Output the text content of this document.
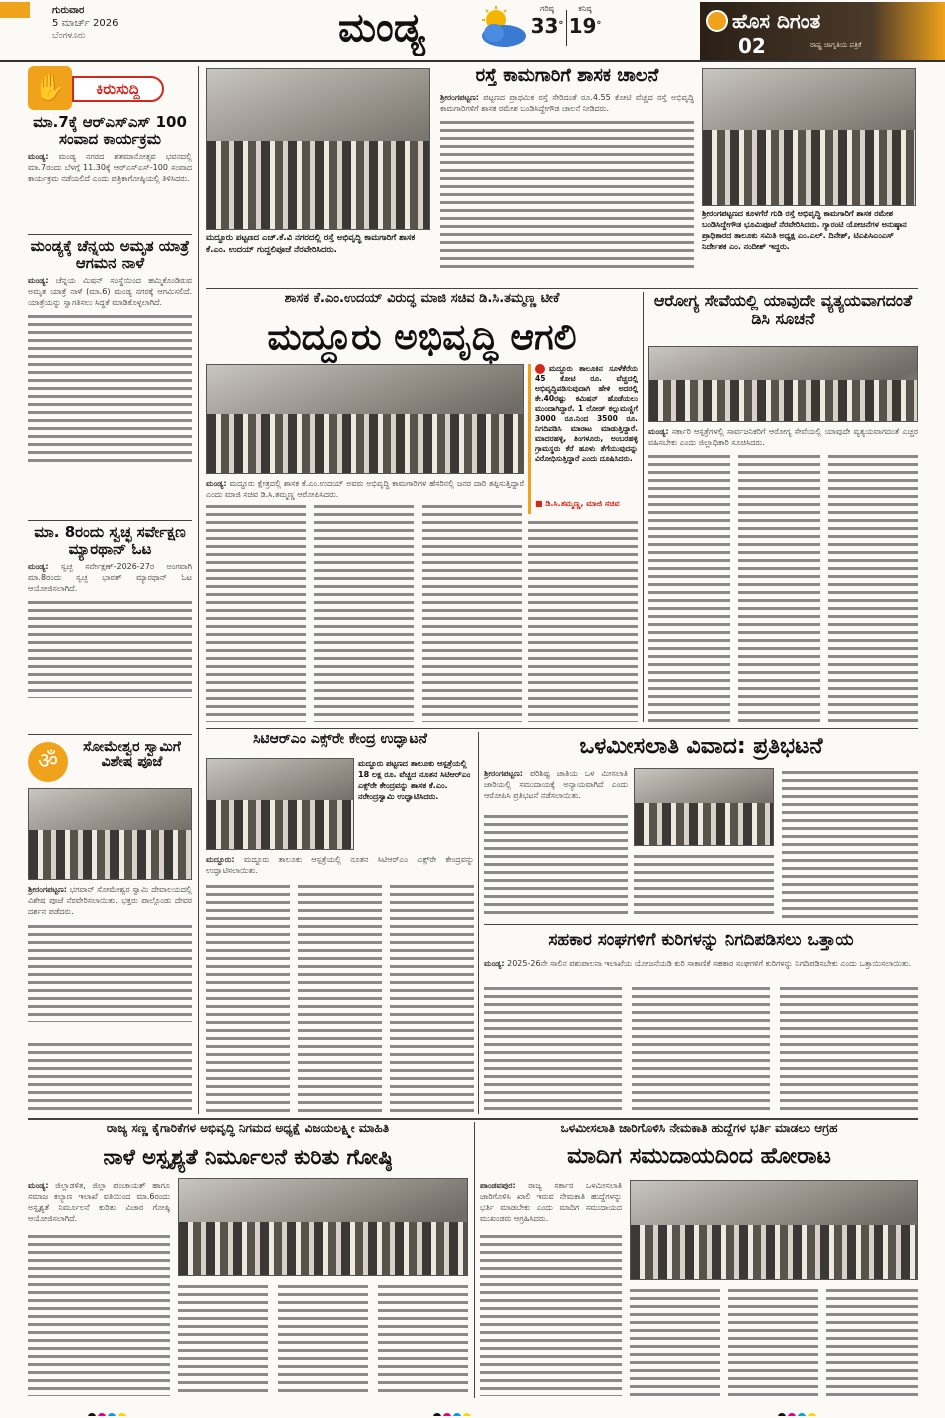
ಗುರುವಾರ
5 ಮಾರ್ಚ್ 2026
ಬೆಂಗಳೂರು	ಮಂಡ್ಯ	ಗರಿಷ್ಠ
33°
ಕನಿಷ್ಠ
19°	ಹೊಸ ದಿಗಂತ
02	ರಾಷ್ಟ್ರ ಜಾಗೃತಿಯ ಪತ್ರಿಕೆ
✋	ಕಿರುಸುದ್ದಿ
ಮಾ.7ಕ್ಕೆ ಆರ್‌ಎಸ್‌ಎಸ್ 100 ಸಂವಾದ ಕಾರ್ಯಕ್ರಮ
ಮಂಡ್ಯ: ಮಂಡ್ಯ ನಗರದ ಶತಮಾನೋತ್ಸವ ಭವನದಲ್ಲಿ ಮಾ.7ರಂದು ಬೆಳಗ್ಗೆ 11.30ಕ್ಕೆ ಆರ್‌ಎಸ್‌ಎಸ್-100 ಸಂವಾದ ಕಾರ್ಯಕ್ರಮ ನಡೆಯಲಿದೆ ಎಂದು ಪತ್ರಿಕಾಗೋಷ್ಠಿಯಲ್ಲಿ ತಿಳಿಸಿದರು.
ಮಂಡ್ಯಕ್ಕೆ ಚೆನ್ನಯ ಅಮೃತ ಯಾತ್ರೆ ಆಗಮನ ನಾಳೆ
ಮಂಡ್ಯ: ಚೆನ್ನಯ ಮಿಷನ್ ಸಂಸ್ಥೆಯಿಂದ ಹಮ್ಮಿಕೊಂಡಿರುವ ಅಮೃತ ಯಾತ್ರೆ ನಾಳೆ (ಮಾ.6) ಮಂಡ್ಯ ನಗರಕ್ಕೆ ಆಗಮಿಸಲಿದೆ. ಯಾತ್ರೆಯನ್ನು ಸ್ವಾಗತಿಸಲು ಸಿದ್ಧತೆ ಮಾಡಿಕೊಳ್ಳಲಾಗಿದೆ.
ಮಾ. 8ರಂದು ಸ್ವಚ್ಛ ಸರ್ವೇಕ್ಷಣ ಮ್ಯಾರಥಾನ್ ಓಟ
ಮಂಡ್ಯ: ಸ್ವಚ್ಛ ಸರ್ವೇಕ್ಷಣ್-2026-27ರ ಅಂಗವಾಗಿ ಮಾ.8ರಂದು ಸ್ವಚ್ಛ ಭಾರತ್ ಮ್ಯಾರಥಾನ್ ಓಟ ಆಯೋಜಿಸಲಾಗಿದೆ.
ॐ
ಸೋಮೇಶ್ವರ ಸ್ವಾಮಿಗೆ ವಿಶೇಷ ಪೂಜೆ
ಶ್ರೀರಂಗಪಟ್ಟಣ: ಭಗವಾನ್ ಸೋಮೇಶ್ವರ ಸ್ವಾಮಿ ದೇವಾಲಯದಲ್ಲಿ ವಿಶೇಷ ಪೂಜೆ ನೆರವೇರಿಸಲಾಯಿತು. ಭಕ್ತರು ಪಾಲ್ಗೊಂಡು ದೇವರ ದರ್ಶನ ಪಡೆದರು.
ಮದ್ದೂರು ಪಟ್ಟಣದ ಎಚ್.ಕೆ.ವಿ ನಗರದಲ್ಲಿ ರಸ್ತೆ ಅಭಿವೃದ್ಧಿ ಕಾಮಗಾರಿಗೆ ಶಾಸಕ ಕೆ.ಎಂ. ಉದಯ್ ಗುದ್ದಲಿಪೂಜೆ ನೆರವೇರಿಸಿದರು.
ರಸ್ತೆ ಕಾಮಗಾರಿಗೆ ಶಾಸಕ ಚಾಲನೆ
ಶ್ರೀರಂಗಪಟ್ಟಣ: ಪಟ್ಟಣದ ಪ್ರಾಥಮಿಕ ರಸ್ತೆ ಸೇರಿದಂತೆ ರೂ.4.55 ಕೋಟಿ ವೆಚ್ಚದ ರಸ್ತೆ ಅಭಿವೃದ್ಧಿ ಕಾಮಗಾರಿಗಳಿಗೆ ಶಾಸಕ ರಮೇಶ ಬಂಡಿಸಿದ್ದೇಗೌಡ ಚಾಲನೆ ನೀಡಿದರು.
ಶ್ರೀರಂಗಪಟ್ಟಣದ ಕೂಳಗೆರೆ ಗುಡಿ ರಸ್ತೆ ಅಭಿವೃದ್ಧಿ ಕಾಮಗಾರಿಗೆ ಶಾಸಕ ರಮೇಶ ಬಂಡಿಸಿದ್ದೇಗೌಡ ಭೂಮಿಪೂಜೆ ನೆರವೇರಿಸಿದರು. ಗ್ಯಾರಂಟಿ ಯೋಜನೆಗಳ ಅನುಷ್ಠಾನ ಪ್ರಾಧಿಕಾರದ ತಾಲೂಕು ಸಮಿತಿ ಅಧ್ಯಕ್ಷ ಎಂ.ಎಲ್. ದಿನೇಶ್, ಟಿಎಪಿಸಿಎಂಎಸ್ ನಿರ್ದೇಶಕ ಎಂ. ನಂದೀಶ್ ಇದ್ದರು.
ಶಾಸಕ ಕೆ.ಎಂ.ಉದಯ್ ವಿರುದ್ಧ ಮಾಜಿ ಸಚಿವ ಡಿ.ಸಿ.ತಮ್ಮಣ್ಣ ಟೀಕೆ
ಮದ್ದೂರು ಅಭಿವೃದ್ಧಿ ಆಗಲಿ
ಮದ್ದೂರು ತಾಲೂಕಿನ ಸೂಳೆಕೆರೆಯ 45 ಕೋಟಿ ರೂ. ವೆಚ್ಚದಲ್ಲಿ ಅಭಿವೃದ್ಧಿಪಡಿಸುವುದಾಗಿ ಹೇಳಿ ಅದರಲ್ಲಿ ಕೇ.40ರಷ್ಟು ಕಮಿಷನ್ ಹೊಡೆಯಲು ಮುಂದಾಗಿದ್ದಾರೆ. 1 ಲೋಡ್ ಕಲ್ಲುಮಣ್ಣಿಗೆ 3000 ರೂ.ನಿಂದ 3500 ರೂ. ನಿಗದಿಪಡಿಸಿ ಮಾರಾಟ ಮಾಡುತ್ತಿದ್ದಾರೆ. ಮಾದರಹಳ್ಳಿ, ತಿಂಗಳೂರು, ಅಂಬರಹಳ್ಳಿ ಗ್ರಾಮಸ್ಥರು ಕೆರೆ ಹೂಳು ತೆಗೆಯುವುದನ್ನು ವಿರೋಧಿಸುತ್ತಿದ್ದಾರೆ ಎಂದು ದೂಷಿಸಿದರು.
■ ಡಿ.ಸಿ.ತಮ್ಮಣ್ಣ, ಮಾಜಿ ಸಚಿವ
ಮಂಡ್ಯ: ಮದ್ದೂರು ಕ್ಷೇತ್ರದಲ್ಲಿ ಶಾಸಕ ಕೆ.ಎಂ.ಉದಯ್ ಅವರು ಅಭಿವೃದ್ಧಿ ಕಾಮಗಾರಿಗಳ ಹೆಸರಿನಲ್ಲಿ ಜನರ ದಾರಿ ತಪ್ಪಿಸುತ್ತಿದ್ದಾರೆ ಎಂದು ಮಾಜಿ ಸಚಿವ ಡಿ.ಸಿ.ತಮ್ಮಣ್ಣ ಆರೋಪಿಸಿದರು.
ಆರೋಗ್ಯ ಸೇವೆಯಲ್ಲಿ ಯಾವುದೇ ವ್ಯತ್ಯಯವಾಗದಂತೆ ಡಿಸಿ ಸೂಚನೆ
ಮಂಡ್ಯ: ಸರ್ಕಾರಿ ಆಸ್ಪತ್ರೆಗಳಲ್ಲಿ ಸಾರ್ವಜನಿಕರಿಗೆ ಆರೋಗ್ಯ ಸೇವೆಯಲ್ಲಿ ಯಾವುದೇ ವ್ಯತ್ಯಯವಾಗದಂತೆ ಎಚ್ಚರ ವಹಿಸಬೇಕು ಎಂದು ಜಿಲ್ಲಾಧಿಕಾರಿ ಸೂಚಿಸಿದರು.
ಸಿಟಿಆರ್‌ಎಂ ಎಕ್ಸ್‌ರೇ ಕೇಂದ್ರ ಉದ್ಘಾಟನೆ
ಮದ್ದೂರು ಪಟ್ಟಣದ ತಾಲೂಕು ಆಸ್ಪತ್ರೆಯಲ್ಲಿ 18 ಲಕ್ಷ ರೂ. ವೆಚ್ಚದ ನೂತನ ಸಿಟಿಆರ್‌ಎಂ ಎಕ್ಸ್‌ರೇ ಕೇಂದ್ರವನ್ನು ಶಾಸಕ ಕೆ.ಎಂ. ನರೇಂದ್ರಸ್ವಾಮಿ ಉದ್ಘಾಟಿಸಿದರು.
ಮದ್ದೂರು: ಮದ್ದೂರು ತಾಲೂಕು ಆಸ್ಪತ್ರೆಯಲ್ಲಿ ನೂತನ ಸಿಟಿಆರ್‌ಎಂ ಎಕ್ಸ್‌ರೇ ಕೇಂದ್ರವನ್ನು ಉದ್ಘಾಟಿಸಲಾಯಿತು.
ಒಳಮೀಸಲಾತಿ ವಿವಾದ: ಪ್ರತಿಭಟನೆ
ಶ್ರೀರಂಗಪಟ್ಟಣ: ಪರಿಶಿಷ್ಟ ಜಾತಿಯ ಒಳ ಮೀಸಲಾತಿ ಜಾರಿಯಲ್ಲಿ ಸಮುದಾಯಕ್ಕೆ ಅನ್ಯಾಯವಾಗಿದೆ ಎಂದು ಆರೋಪಿಸಿ ಪ್ರತಿಭಟನೆ ನಡೆಸಲಾಯಿತು.
ಸಹಕಾರ ಸಂಘಗಳಿಗೆ ಕುರಿಗಳನ್ನು ನಿಗದಿಪಡಿಸಲು ಒತ್ತಾಯ
ಮಂಡ್ಯ: 2025-26ನೇ ಸಾಲಿನ ಪಶುಪಾಲನಾ ಇಲಾಖೆಯ ಯೋಜನೆಯಡಿ ಕುರಿ ಸಾಕಾಣಿಕೆ ಸಹಕಾರ ಸಂಘಗಳಿಗೆ ಕುರಿಗಳನ್ನು ನಿಗದಿಪಡಿಸಬೇಕು ಎಂದು ಒತ್ತಾಯಿಸಲಾಯಿತು.
ರಾಜ್ಯ ಸಣ್ಣ ಕೈಗಾರಿಕೆಗಳ ಅಭಿವೃದ್ಧಿ ನಿಗಮದ ಅಧ್ಯಕ್ಷೆ ವಿಜಯಲಕ್ಷ್ಮೀ ಮಾಹಿತಿ
ನಾಳೆ ಅಸ್ಪೃಶ್ಯತೆ ನಿರ್ಮೂಲನೆ ಕುರಿತು ಗೋಷ್ಠಿ
ಮಂಡ್ಯ: ಜಿಲ್ಲಾಡಳಿತ, ಜಿಲ್ಲಾ ಪಂಚಾಯತ್ ಹಾಗೂ ಸಮಾಜ ಕಲ್ಯಾಣ ಇಲಾಖೆ ವತಿಯಿಂದ ಮಾ.6ರಂದು ಅಸ್ಪೃಶ್ಯತೆ ನಿರ್ಮೂಲನೆ ಕುರಿತು ವಿಚಾರ ಗೋಷ್ಠಿ ಆಯೋಜಿಸಲಾಗಿದೆ.
ಒಳಮೀಸಲಾತಿ ಜಾರಿಗೊಳಿಸಿ ನೇಮಕಾತಿ ಹುದ್ದೆಗಳ ಭರ್ತಿ ಮಾಡಲು ಆಗ್ರಹ
ಮಾದಿಗ ಸಮುದಾಯದಿಂದ ಹೋರಾಟ
ಪಾಂಡವಪುರ: ರಾಜ್ಯ ಸರ್ಕಾರ ಒಳಮೀಸಲಾತಿ ಜಾರಿಗೊಳಿಸಿ ಖಾಲಿ ಇರುವ ನೇಮಕಾತಿ ಹುದ್ದೆಗಳನ್ನು ಭರ್ತಿ ಮಾಡಬೇಕು ಎಂದು ಮಾದಿಗ ಸಮುದಾಯದ ಮುಖಂಡರು ಆಗ್ರಹಿಸಿದರು.
